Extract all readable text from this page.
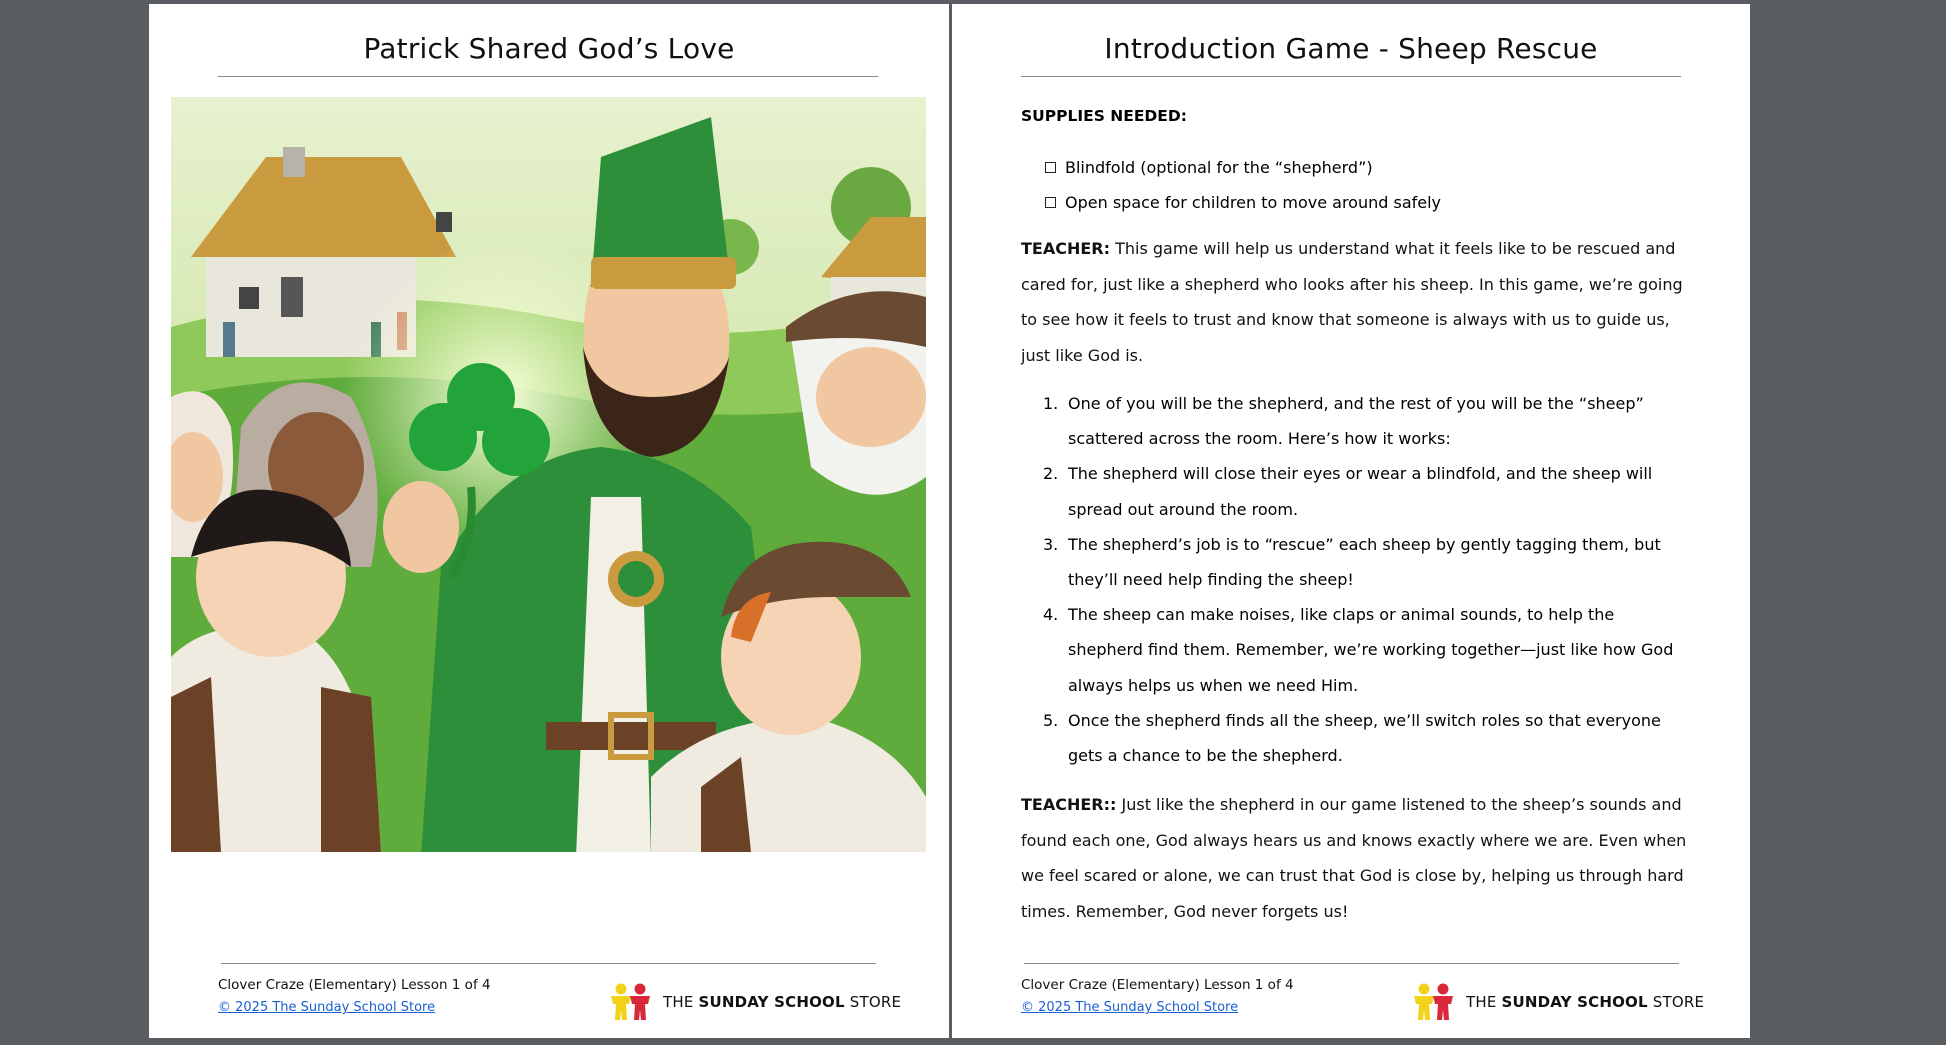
Patrick Shared God’s Love
Clover Craze (Elementary) Lesson 1 of 4
© 2025 The Sunday School Store	THE SUNDAY SCHOOL STORE
Introduction Game - Sheep Rescue
SUPPLIES NEEDED:
Blindfold (optional for the “shepherd”)
Open space for children to move around safely

TEACHER: This game will help us understand what it feels like to be rescued and cared for, just like a shepherd who looks after his sheep. In this game, we’re going to see how it feels to trust and know that someone is always with us to guide us, just like God is.

1. One of you will be the shepherd, and the rest of you will be the “sheep” scattered across the room. Here’s how it works:
2. The shepherd will close their eyes or wear a blindfold, and the sheep will spread out around the room.
3. The shepherd’s job is to “rescue” each sheep by gently tagging them, but they’ll need help finding the sheep!
4. The sheep can make noises, like claps or animal sounds, to help the shepherd find them. Remember, we’re working together—just like how God always helps us when we need Him.
5. Once the shepherd finds all the sheep, we’ll switch roles so that everyone gets a chance to be the shepherd.

TEACHER:: Just like the shepherd in our game listened to the sheep’s sounds and found each one, God always hears us and knows exactly where we are. Even when we feel scared or alone, we can trust that God is close by, helping us through hard times. Remember, God never forgets us!

Clover Craze (Elementary) Lesson 1 of 4
© 2025 The Sunday School Store	THE SUNDAY SCHOOL STORE
